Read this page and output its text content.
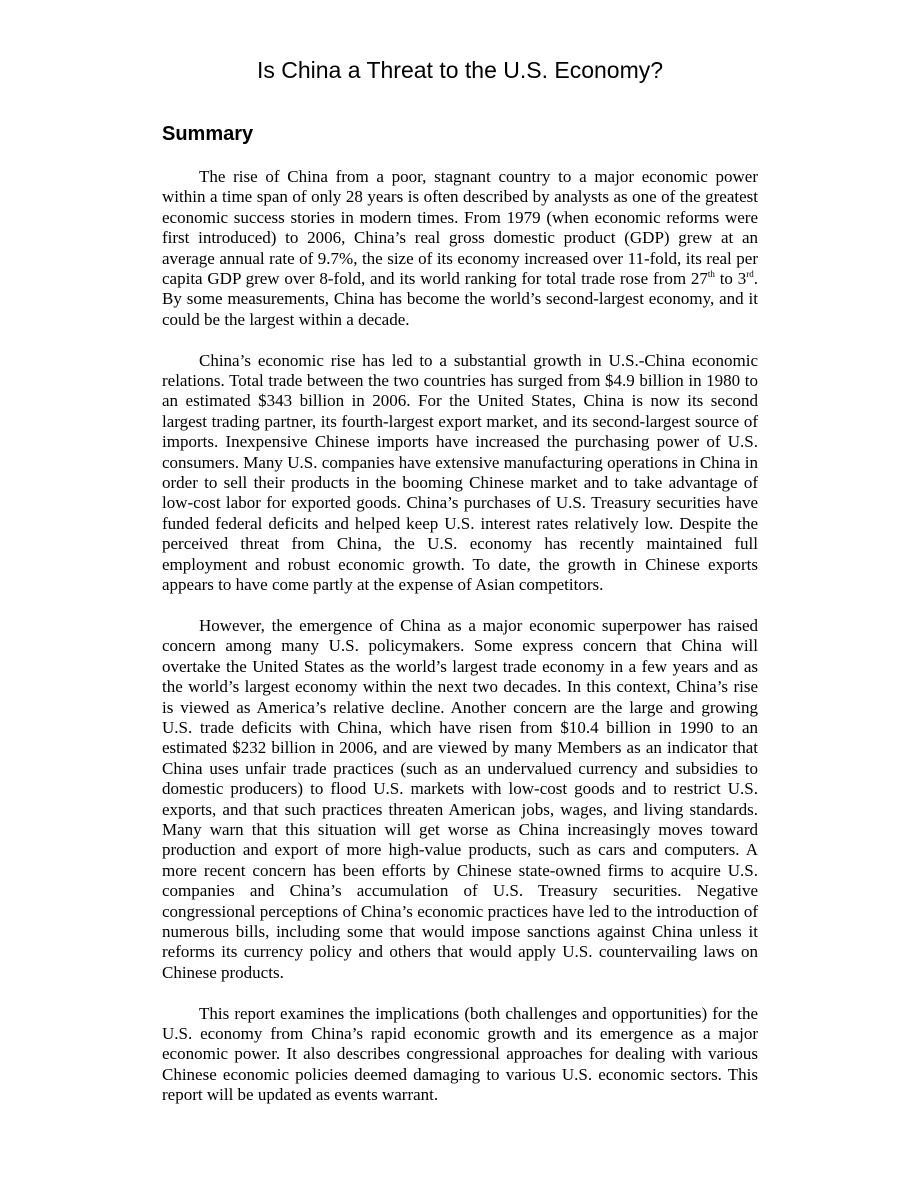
Is China a Threat to the U.S. Economy?
Summary

The rise of China from a poor, stagnant country to a major economic power within a time span of only 28 years is often described by analysts as one of the greatest economic success stories in modern times. From 1979 (when economic reforms were first introduced) to 2006, China’s real gross domestic product (GDP) grew at an average annual rate of 9.7%, the size of its economy increased over 11-fold, its real per capita GDP grew over 8-fold, and its world ranking for total trade rose from 27th to 3rd. By some measurements, China has become the world’s second-largest economy, and it could be the largest within a decade.

China’s economic rise has led to a substantial growth in U.S.-China economic relations. Total trade between the two countries has surged from $4.9 billion in 1980 to an estimated $343 billion in 2006. For the United States, China is now its second largest trading partner, its fourth-largest export market, and its second-largest source of imports. Inexpensive Chinese imports have increased the purchasing power of U.S. consumers. Many U.S. companies have extensive manufacturing operations in China in order to sell their products in the booming Chinese market and to take advantage of low-cost labor for exported goods. China’s purchases of U.S. Treasury securities have funded federal deficits and helped keep U.S. interest rates relatively low. Despite the perceived threat from China, the U.S. economy has recently maintained full employment and robust economic growth. To date, the growth in Chinese exports appears to have come partly at the expense of Asian competitors.

However, the emergence of China as a major economic superpower has raised concern among many U.S. policymakers. Some express concern that China will overtake the United States as the world’s largest trade economy in a few years and as the world’s largest economy within the next two decades. In this context, China’s rise is viewed as America’s relative decline. Another concern are the large and growing U.S. trade deficits with China, which have risen from $10.4 billion in 1990 to an estimated $232 billion in 2006, and are viewed by many Members as an indicator that China uses unfair trade practices (such as an undervalued currency and subsidies to domestic producers) to flood U.S. markets with low-cost goods and to restrict U.S. exports, and that such practices threaten American jobs, wages, and living standards. Many warn that this situation will get worse as China increasingly moves toward production and export of more high-value products, such as cars and computers. A more recent concern has been efforts by Chinese state-owned firms to acquire U.S. companies and China’s accumulation of U.S. Treasury securities. Negative congressional perceptions of China’s economic practices have led to the introduction of numerous bills, including some that would impose sanctions against China unless it reforms its currency policy and others that would apply U.S. countervailing laws on Chinese products.

This report examines the implications (both challenges and opportunities) for the U.S. economy from China’s rapid economic growth and its emergence as a major economic power. It also describes congressional approaches for dealing with various Chinese economic policies deemed damaging to various U.S. economic sectors. This report will be updated as events warrant.
